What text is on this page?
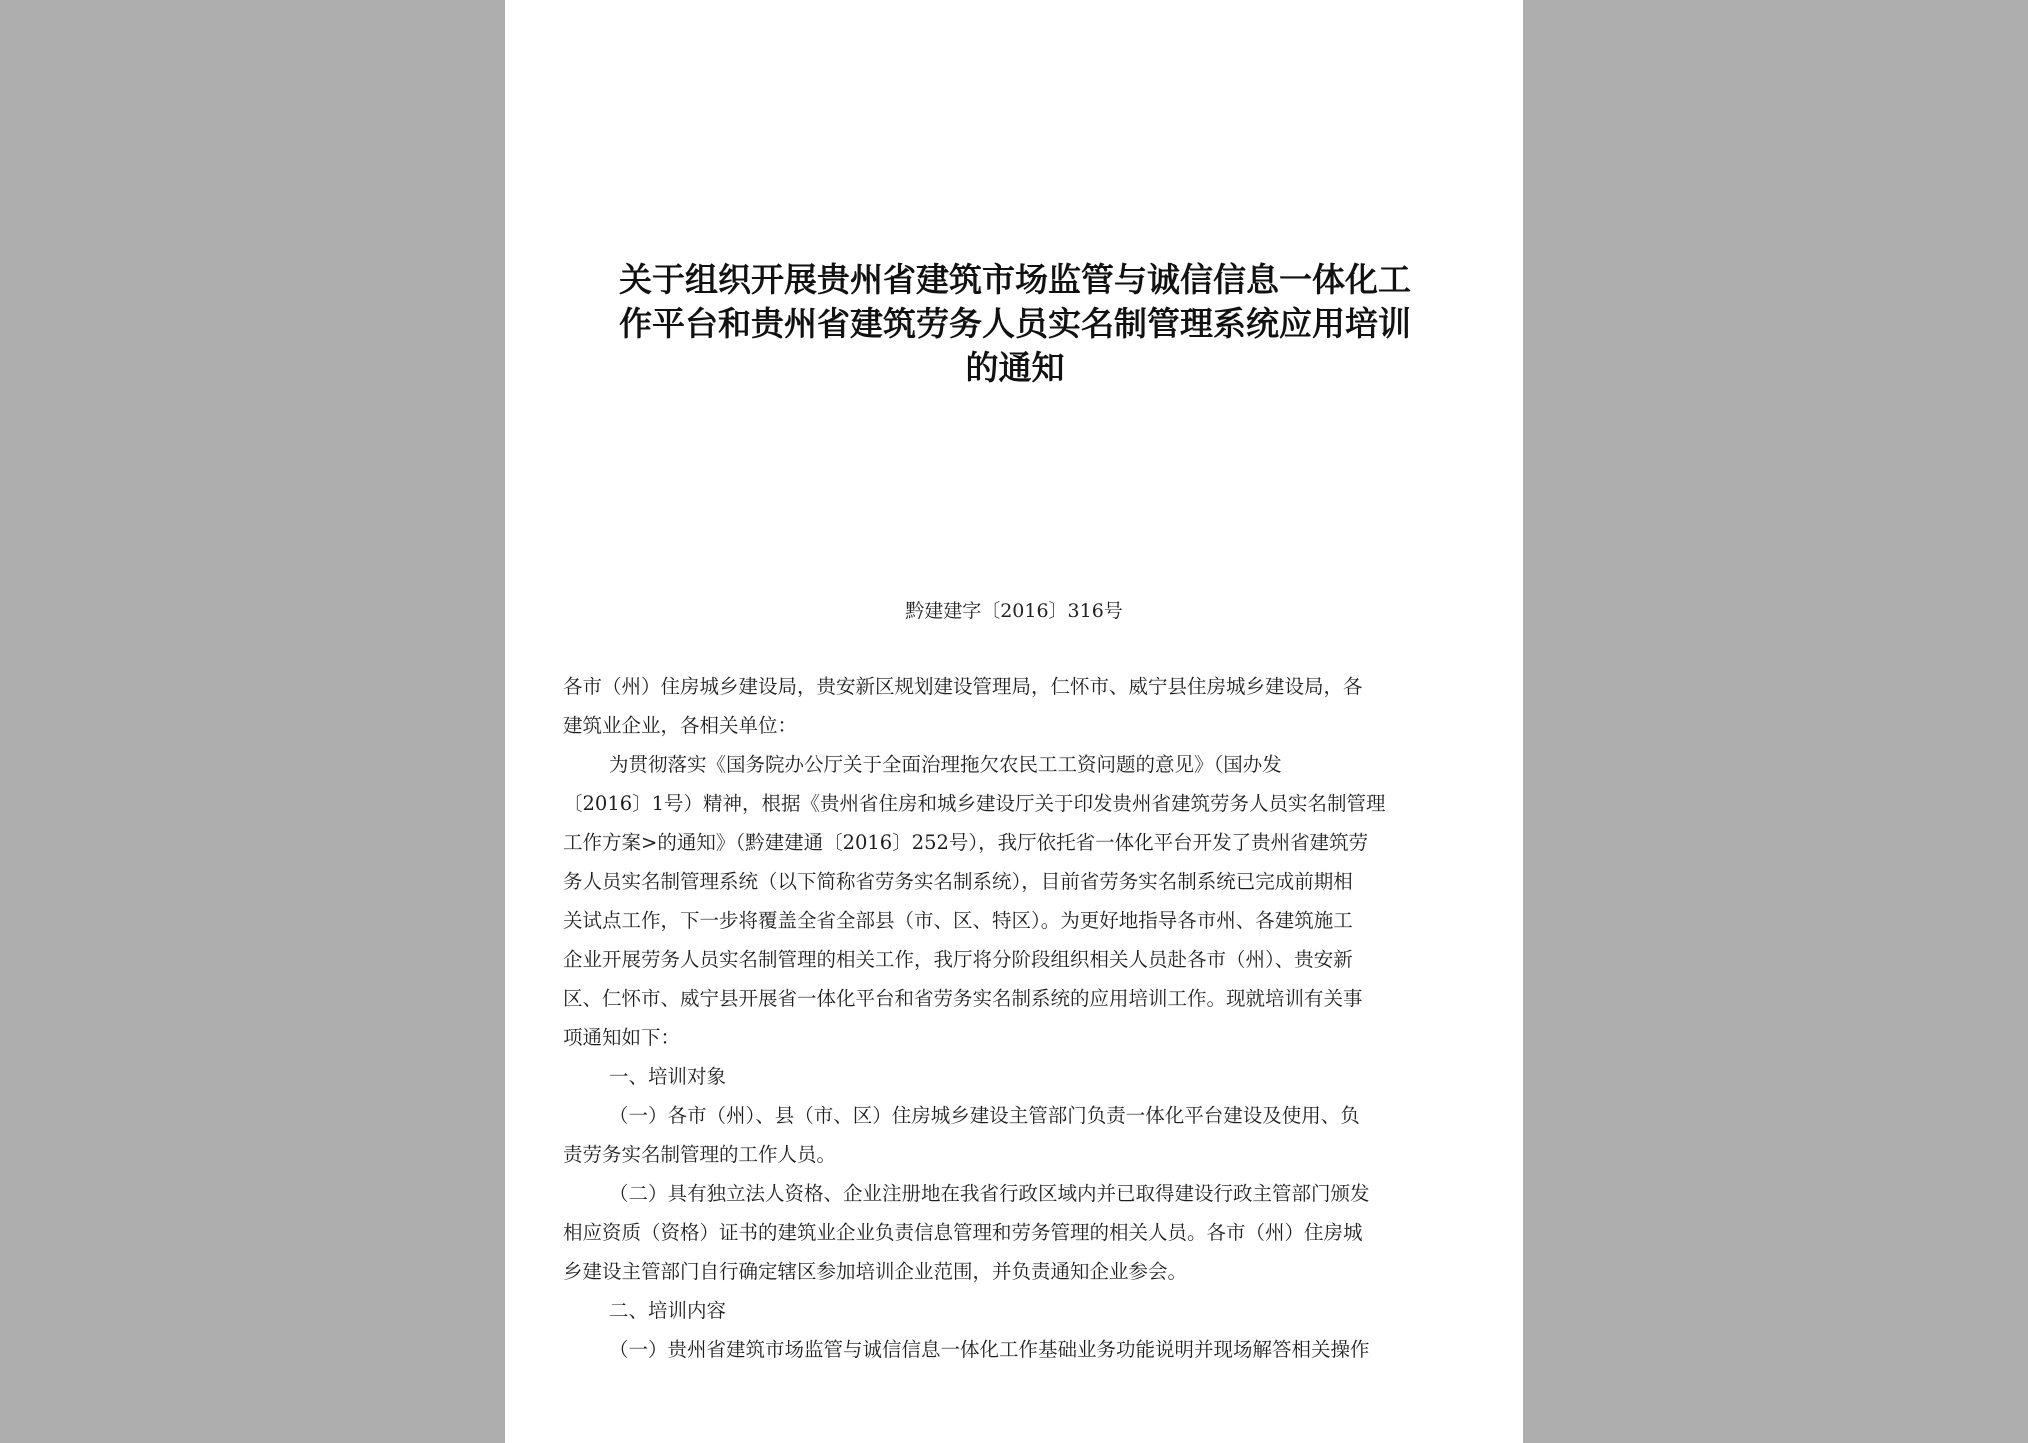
关于组织开展贵州省建筑市场监管与诚信信息一体化工
作平台和贵州省建筑劳务人员实名制管理系统应用培训
的通知
黔建建字〔2016〕316号
各市（州）住房城乡建设局，贵安新区规划建设管理局，仁怀市、威宁县住房城乡建设局，各
建筑业企业，各相关单位：
为贯彻落实《国务院办公厅关于全面治理拖欠农民工工资问题的意见》（国办发
〔2016〕1号）精神，根据《贵州省住房和城乡建设厅关于印发贵州省建筑劳务人员实名制管理
工作方案>的通知》（黔建建通〔2016〕252号），我厅依托省一体化平台开发了贵州省建筑劳
务人员实名制管理系统（以下简称省劳务实名制系统），目前省劳务实名制系统已完成前期相
关试点工作，下一步将覆盖全省全部县（市、区、特区）。为更好地指导各市州、各建筑施工
企业开展劳务人员实名制管理的相关工作，我厅将分阶段组织相关人员赴各市（州）、贵安新
区、仁怀市、威宁县开展省一体化平台和省劳务实名制系统的应用培训工作。现就培训有关事
项通知如下：
一、培训对象
（一）各市（州）、县（市、区）住房城乡建设主管部门负责一体化平台建设及使用、负
责劳务实名制管理的工作人员。
（二）具有独立法人资格、企业注册地在我省行政区域内并已取得建设行政主管部门颁发
相应资质（资格）证书的建筑业企业负责信息管理和劳务管理的相关人员。各市（州）住房城
乡建设主管部门自行确定辖区参加培训企业范围，并负责通知企业参会。
二、培训内容
（一）贵州省建筑市场监管与诚信信息一体化工作基础业务功能说明并现场解答相关操作
